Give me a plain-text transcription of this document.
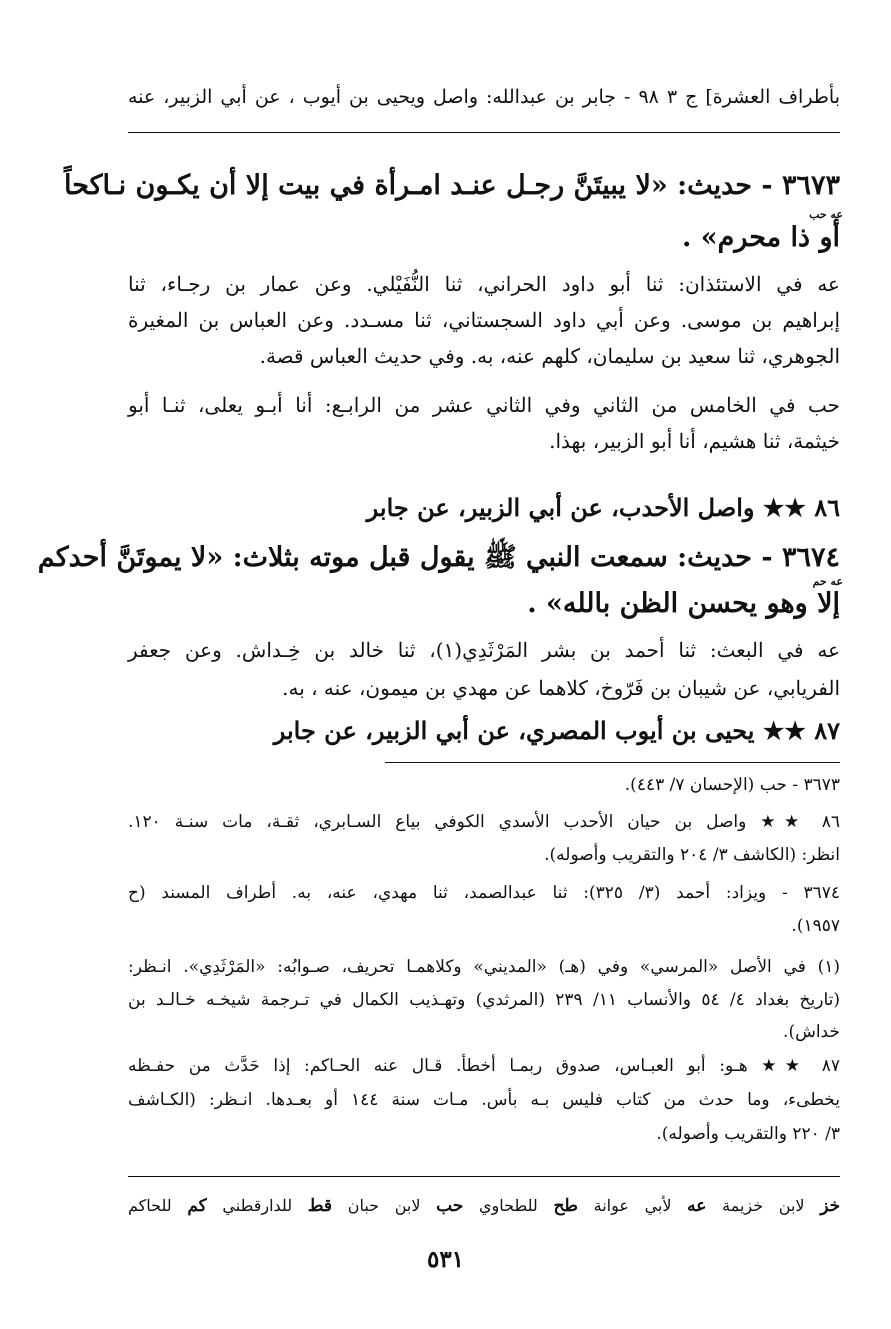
بأطراف العشرة] ج ٣ ٩٨ - جابر بن عبدالله: واصل ويحيى بن أيوب ، عن أبي الزبير، عنه
٣٦٧٣ - حديث: «لا يبيتَنَّ رجـل عنـد امـرأة في بيت إلا أن يكـون نـاكحاً
عه حب
أو ذا محرم» .
عه في الاستئذان: ثنا أبو داود الحراني، ثنا النُّفَيْلي. وعن عمار بن رجـاء، ثنا
إبراهيم بن موسى. وعن أبي داود السجستاني، ثنا مسـدد. وعن العباس بن المغيرة
الجوهري، ثنا سعيد بن سليمان، كلهم عنه، به. وفي حديث العباس قصة.
حب في الخامس من الثاني وفي الثاني عشر من الرابـع: أنا أبـو يعلى، ثنـا أبو
خيثمة، ثنا هشيم، أنا أبو الزبير، بهذا.
٨٦ ★★ واصل الأحدب، عن أبي الزبير، عن جابر
٣٦٧٤ - حديث: سمعت النبي ﷺ يقول قبل موته بثلاث: «لا يموتَنَّ أحدكم
عه حم
إلا وهو يحسن الظن بالله» .
عه في البعث: ثنا أحمد بن بشر المَرْثَدِي(١)، ثنا خالد بن خِـداش. وعن جعفر
الفريابي، عن شيبان بن فَرّوخ، كلاهما عن مهدي بن ميمون، عنه ، به.
٨٧ ★★ يحيى بن أيوب المصري، عن أبي الزبير، عن جابر
٣٦٧٣ - حب (الإحسان ٧/ ٤٤٣).
٨٦ ★★ واصل بن حيان الأحدب الأسدي الكوفي بياع السـابري، ثقـة، مات سنـة ١٢٠.
انظر: (الكاشف ٣/ ٢٠٤ والتقريب وأصوله).
٣٦٧٤ - ويزاد: أحمد (٣/ ٣٢٥): ثنا عبدالصمد، ثنا مهدي، عنه، به. أطراف المسند (ح
١٩٥٧).
(١) في الأصل «المرسي» وفي (هـ) «المديني» وكلاهمـا تحريف، صـوابُه: «المَرْثَدِي». انـظر:
(تاريخ بغداد ٤/ ٥٤ والأنساب ١١/ ٢٣٩ (المرثدي) وتهـذيب الكمال في تـرجمة شيخـه خـالـد بن
خداش).
٨٧ ★★ هـو: أبو العبـاس، صدوق ربمـا أخطأ. قـال عنه الحـاكم: إذا حَدَّث من حفـظه
يخطىء، وما حدث من كتاب فليس بـه بأس. مـات سنة ١٤٤ أو بعـدها. انـظر: (الكـاشف
٣/ ٢٢٠ والتقريب وأصوله).
خز لابن خزيمة عه لأبي عوانة طح للطحاوي حب لابن حبان قط للدارقطني كم للحاكم
٥٣١
